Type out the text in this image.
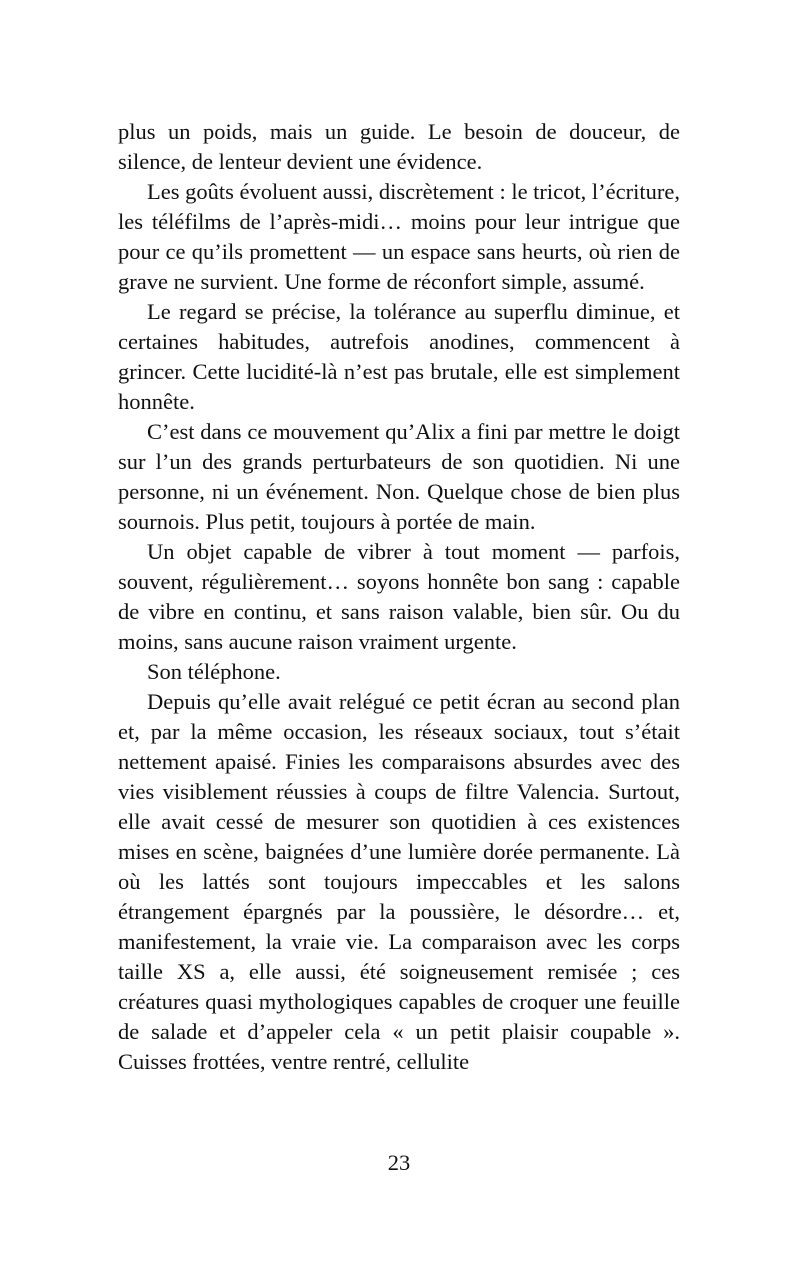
plus un poids, mais un guide. Le besoin de douceur, de silence, de lenteur devient une évidence.

Les goûts évoluent aussi, discrètement : le tricot, l’écriture, les téléfilms de l’après-midi… moins pour leur intrigue que pour ce qu’ils promettent — un espace sans heurts, où rien de grave ne survient. Une forme de réconfort simple, assumé.

Le regard se précise, la tolérance au superflu diminue, et certaines habitudes, autrefois anodines, commencent à grincer. Cette lucidité-là n’est pas brutale, elle est simplement honnête.

C’est dans ce mouvement qu’Alix a fini par mettre le doigt sur l’un des grands perturbateurs de son quotidien. Ni une personne, ni un événement. Non. Quelque chose de bien plus sournois. Plus petit, toujours à portée de main.

Un objet capable de vibrer à tout moment — parfois, souvent, régulièrement… soyons honnête bon sang : capable de vibre en continu, et sans raison valable, bien sûr. Ou du moins, sans aucune raison vraiment urgente.

Son téléphone.

Depuis qu’elle avait relégué ce petit écran au second plan et, par la même occasion, les réseaux sociaux, tout s’était nettement apaisé. Finies les comparaisons absurdes avec des vies visiblement réussies à coups de filtre Valencia. Surtout, elle avait cessé de mesurer son quotidien à ces existences mises en scène, baignées d’une lumière dorée permanente. Là où les lattés sont toujours impeccables et les salons étrangement épargnés par la poussière, le désordre… et, manifestement, la vraie vie. La comparaison avec les corps taille XS a, elle aussi, été soigneusement remisée ; ces créatures quasi mythologiques capables de croquer une feuille de salade et d’appeler cela « un petit plaisir coupable ». Cuisses frottées, ventre rentré, cellulite

23
